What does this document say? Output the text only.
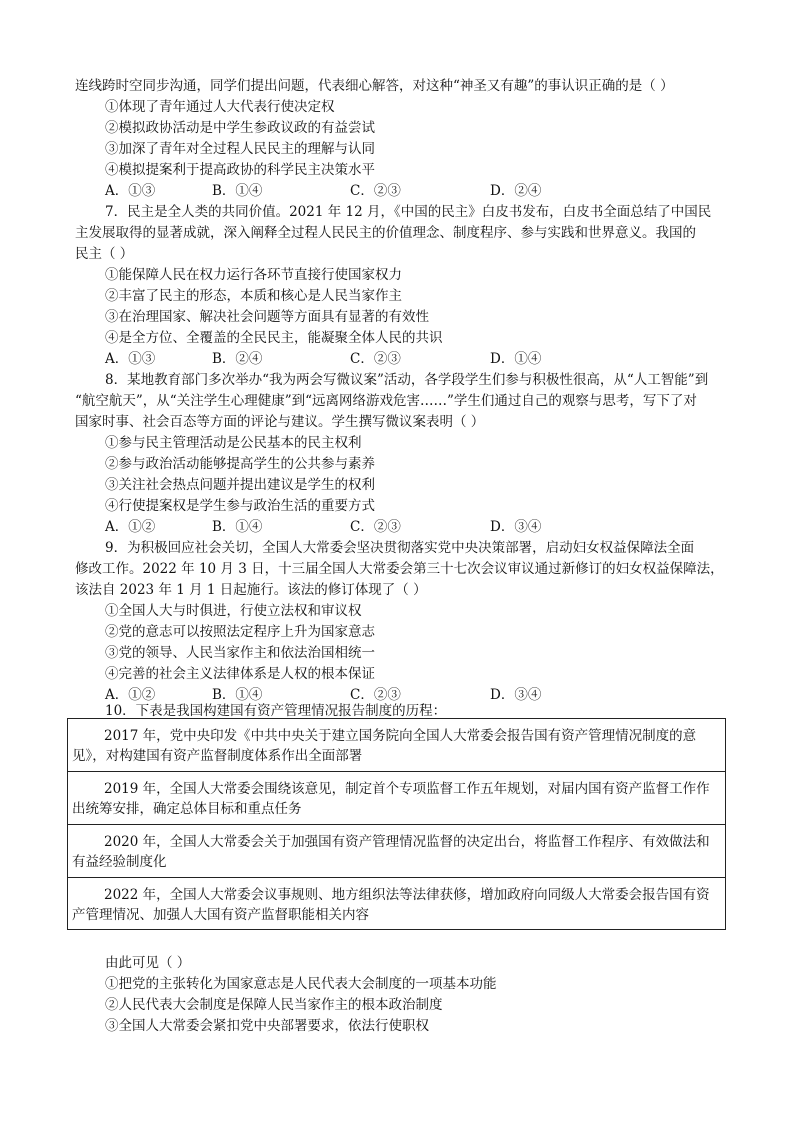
连线跨时空同步沟通，同学们提出问题，代表细心解答，对这种“神圣又有趣”的事认识正确的是（ ）
①体现了青年通过人大代表行使决定权
②模拟政协活动是中学生参政议政的有益尝试
③加深了青年对全过程人民民主的理解与认同
④模拟提案利于提高政协的科学民主决策水平
A．①③	B．①④	C．②③	D．②④
7．民主是全人类的共同价值。2021 年 12 月，《中国的民主》白皮书发布，白皮书全面总结了中国民
主发展取得的显著成就，深入阐释全过程人民民主的价值理念、制度程序、参与实践和世界意义。我国的
民主（ ）
①能保障人民在权力运行各环节直接行使国家权力
②丰富了民主的形态，本质和核心是人民当家作主
③在治理国家、解决社会问题等方面具有显著的有效性
④是全方位、全覆盖的全民民主，能凝聚全体人民的共识
A．①③	B．②④	C．②③	D．①④
8．某地教育部门多次举办“我为两会写微议案”活动，各学段学生们参与积极性很高，从“人工智能”到
“航空航天”，从“关注学生心理健康”到“远离网络游戏危害……”学生们通过自己的观察与思考，写下了对
国家时事、社会百态等方面的评论与建议。学生撰写微议案表明（ ）
①参与民主管理活动是公民基本的民主权利
②参与政治活动能够提高学生的公共参与素养
③关注社会热点问题并提出建议是学生的权利
④行使提案权是学生参与政治生活的重要方式
A．①②	B．①④	C．②③	D．③④
9．为积极回应社会关切，全国人大常委会坚决贯彻落实党中央决策部署，启动妇女权益保障法全面
修改工作。2022 年 10 月 3 日，十三届全国人大常委会第三十七次会议审议通过新修订的妇女权益保障法，
该法自 2023 年 1 月 1 日起施行。该法的修订体现了（ ）
①全国人大与时俱进，行使立法权和审议权
②党的意志可以按照法定程序上升为国家意志
③党的领导、人民当家作主和依法治国相统一
④完善的社会主义法律体系是人权的根本保证
A．①②	B．①④	C．②③	D．③④
10．下表是我国构建国有资产管理情况报告制度的历程：
2017 年，党中央印发《中共中央关于建立国务院向全国人大常委会报告国有资产管理情况制度的意
见》，对构建国有资产监督制度体系作出全面部署
2019 年，全国人大常委会围绕该意见，制定首个专项监督工作五年规划，对届内国有资产监督工作作
出统筹安排，确定总体目标和重点任务
2020 年，全国人大常委会关于加强国有资产管理情况监督的决定出台，将监督工作程序、有效做法和
有益经验制度化
2022 年，全国人大常委会议事规则、地方组织法等法律获修，增加政府向同级人大常委会报告国有资
产管理情况、加强人大国有资产监督职能相关内容
由此可见（ ）
①把党的主张转化为国家意志是人民代表大会制度的一项基本功能
②人民代表大会制度是保障人民当家作主的根本政治制度
③全国人大常委会紧扣党中央部署要求，依法行使职权
